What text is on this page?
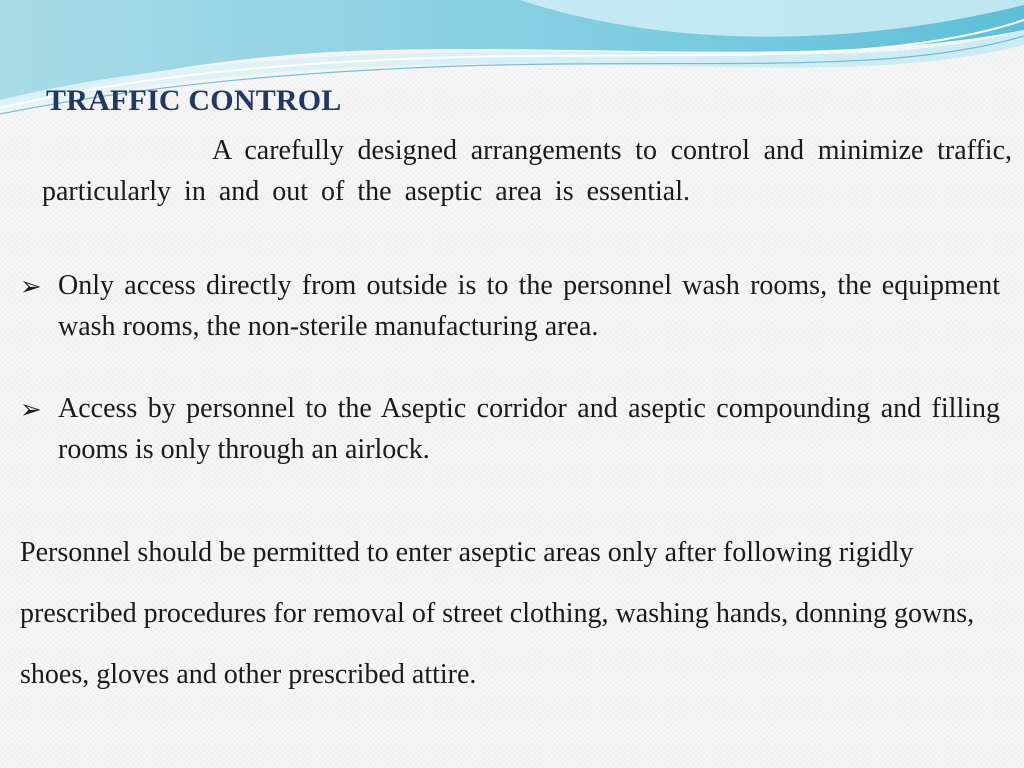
TRAFFIC CONTROL
A carefully designed arrangements to control and minimize traffic, particularly in and out of the aseptic area is essential.
➢ Only access directly from outside is to the personnel wash rooms, the equipment wash rooms, the non-sterile manufacturing area.
➢ Access by personnel to the Aseptic corridor and aseptic compounding and filling rooms is only through an airlock.
Personnel should be permitted to enter aseptic areas only after following rigidly prescribed procedures for removal of street clothing, washing hands, donning gowns, shoes, gloves and other prescribed attire.
